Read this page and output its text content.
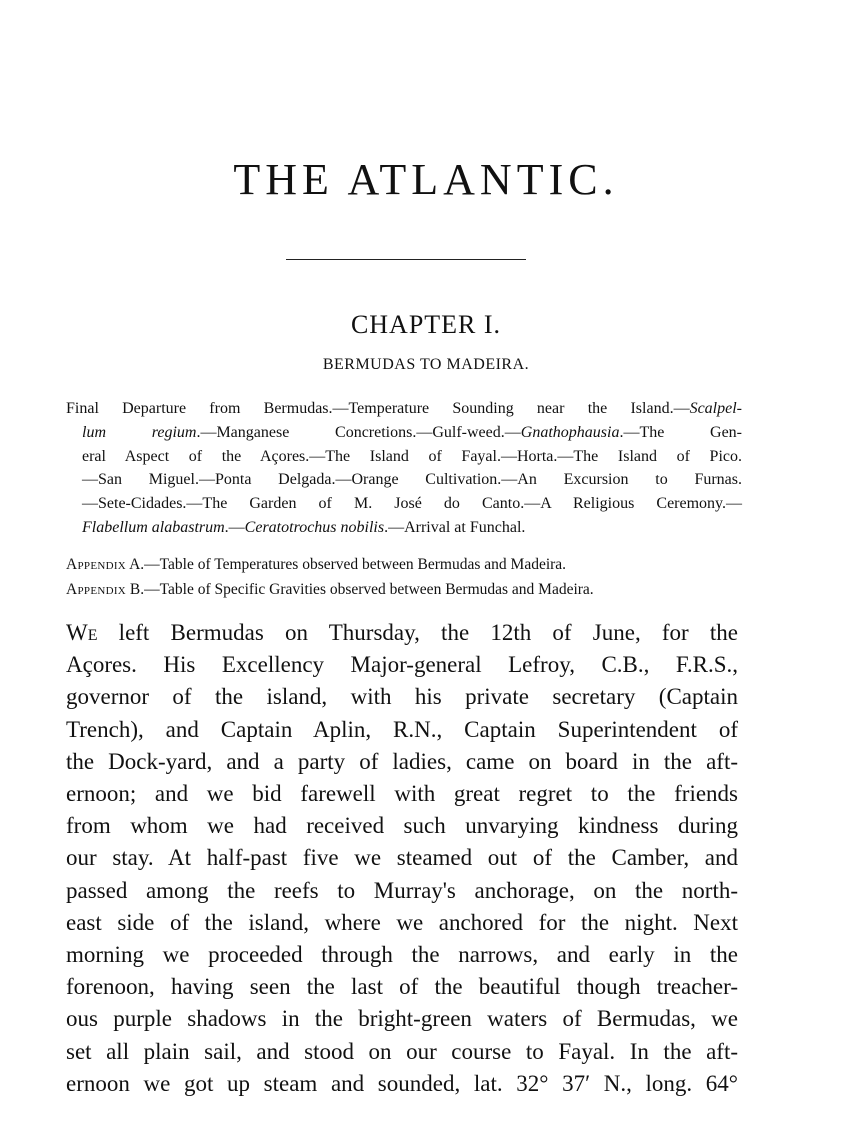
THE ATLANTIC.
CHAPTER I.
BERMUDAS TO MADEIRA.
Final Departure from Bermudas.—Temperature Sounding near the Island.—Scalpel-
lum regium.—Manganese Concretions.—Gulf-weed.—Gnathophausia.—The Gen-
eral Aspect of the Açores.—The Island of Fayal.—Horta.—The Island of Pico.
—San Miguel.—Ponta Delgada.—Orange Cultivation.—An Excursion to Furnas.
—Sete-Cidades.—The Garden of M. José do Canto.—A Religious Ceremony.—
Flabellum alabastrum.—Ceratotrochus nobilis.—Arrival at Funchal.
Appendix A.—Table of Temperatures observed between Bermudas and Madeira.
Appendix B.—Table of Specific Gravities observed between Bermudas and Madeira.
We left Bermudas on Thursday, the 12th of June, for the
Açores. His Excellency Major-general Lefroy, C.B., F.R.S.,
governor of the island, with his private secretary (Captain
Trench), and Captain Aplin, R.N., Captain Superintendent of
the Dock-yard, and a party of ladies, came on board in the aft-
ernoon; and we bid farewell with great regret to the friends
from whom we had received such unvarying kindness during
our stay. At half-past five we steamed out of the Camber, and
passed among the reefs to Murray's anchorage, on the north-
east side of the island, where we anchored for the night. Next
morning we proceeded through the narrows, and early in the
forenoon, having seen the last of the beautiful though treacher-
ous purple shadows in the bright-green waters of Bermudas, we
set all plain sail, and stood on our course to Fayal. In the aft-
ernoon we got up steam and sounded, lat. 32° 37′ N., long. 64°
